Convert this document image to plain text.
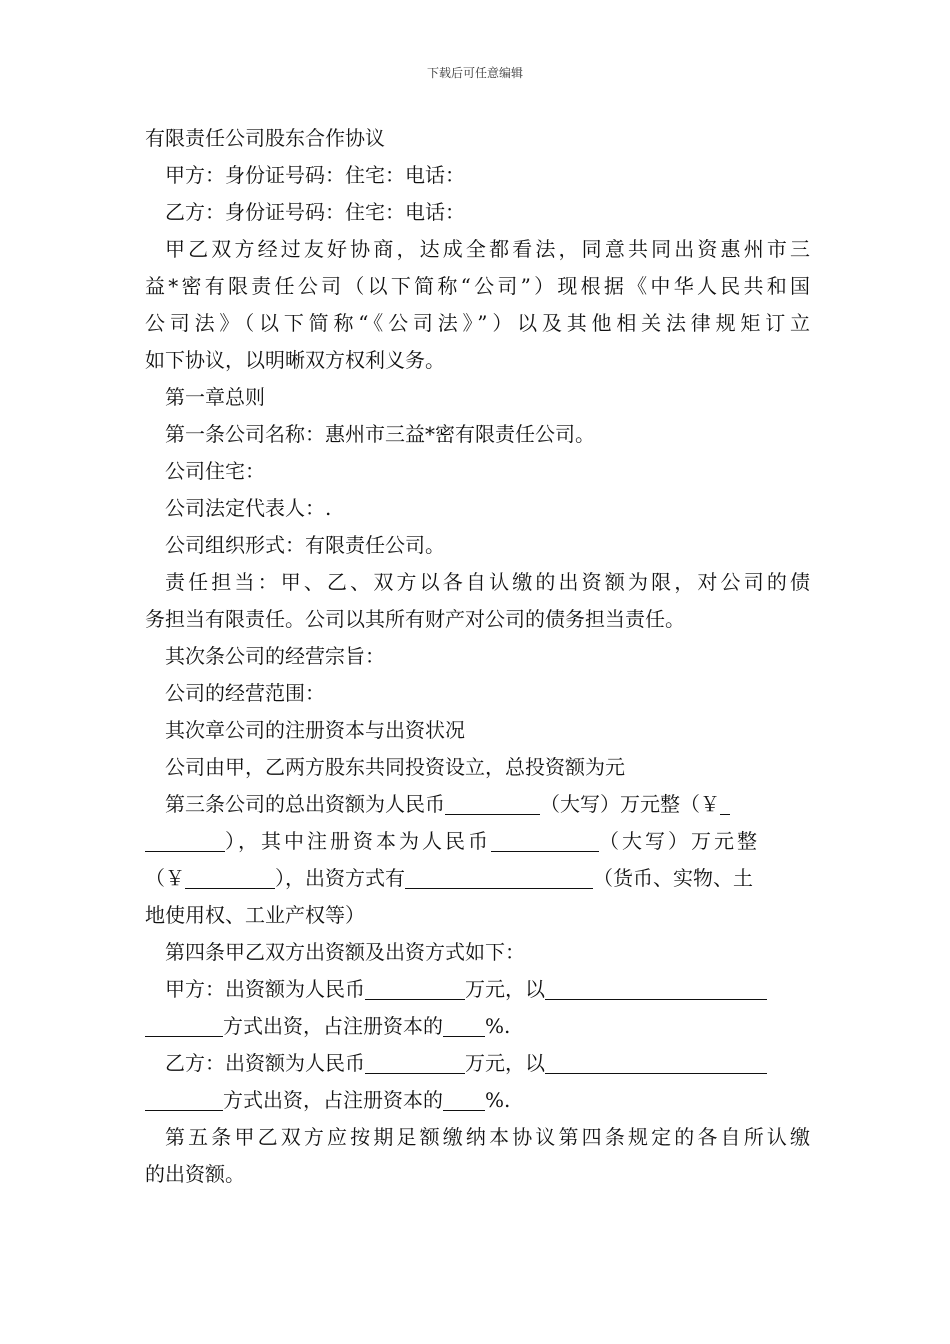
下载后可任意编辑
有限责任公司股东合作协议
甲方：身份证号码：住宅：电话：
乙方：身份证号码：住宅：电话：
甲乙双方经过友好协商，达成全都看法，同意共同出资惠州市三
益*密有限责任公司（以下简称“公司”）现根据《中华人民共和国
公司法》（以下简称“《公司法》”）以及其他相关法律规矩订立
如下协议，以明晰双方权利义务。
第一章总则
第一条公司名称：惠州市三益*密有限责任公司。
公司住宅：
公司法定代表人：.
公司组织形式：有限责任公司。
责任担当：甲、乙、双方以各自认缴的出资额为限，对公司的债
务担当有限责任。公司以其所有财产对公司的债务担当责任。
其次条公司的经营宗旨：
公司的经营范围：
其次章公司的注册资本与出资状况
公司由甲，乙两方股东共同投资设立，总投资额为元
第三条公司的总出资额为人民币	（大写）万元整（￥
），其中注册资本为人民币	（大写）万元整
（￥	），出资方式有	（货币、实物、土
地使用权、工业产权等）
第四条甲乙双方出资额及出资方式如下：
甲方：出资额为人民币	万元，以
方式出资，占注册资本的 %.
乙方：出资额为人民币	万元，以
方式出资，占注册资本的 %.
第五条甲乙双方应按期足额缴纳本协议第四条规定的各自所认缴
的出资额。
